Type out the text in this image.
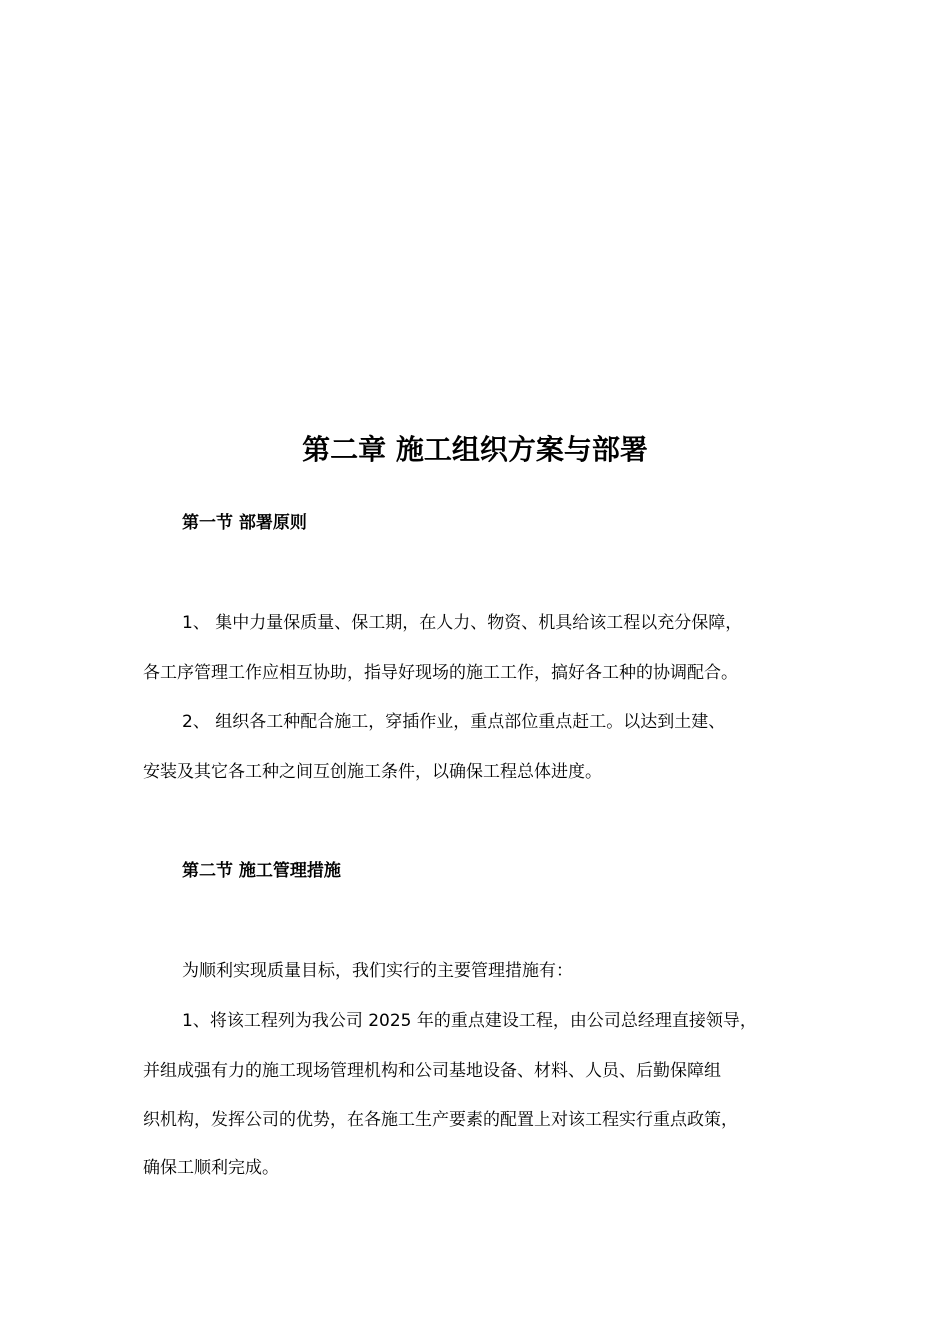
第二章 施工组织方案与部署
第一节 部署原则
1、 集中力量保质量、保工期，在人力、物资、机具给该工程以充分保障，
各工序管理工作应相互协助，指导好现场的施工工作，搞好各工种的协调配合。
2、 组织各工种配合施工，穿插作业，重点部位重点赶工。以达到土建、
安装及其它各工种之间互创施工条件，以确保工程总体进度。
第二节 施工管理措施
为顺利实现质量目标，我们实行的主要管理措施有：
1、将该工程列为我公司 2025 年的重点建设工程，由公司总经理直接领导，
并组成强有力的施工现场管理机构和公司基地设备、材料、人员、后勤保障组
织机构，发挥公司的优势，在各施工生产要素的配置上对该工程实行重点政策，
确保工顺利完成。
